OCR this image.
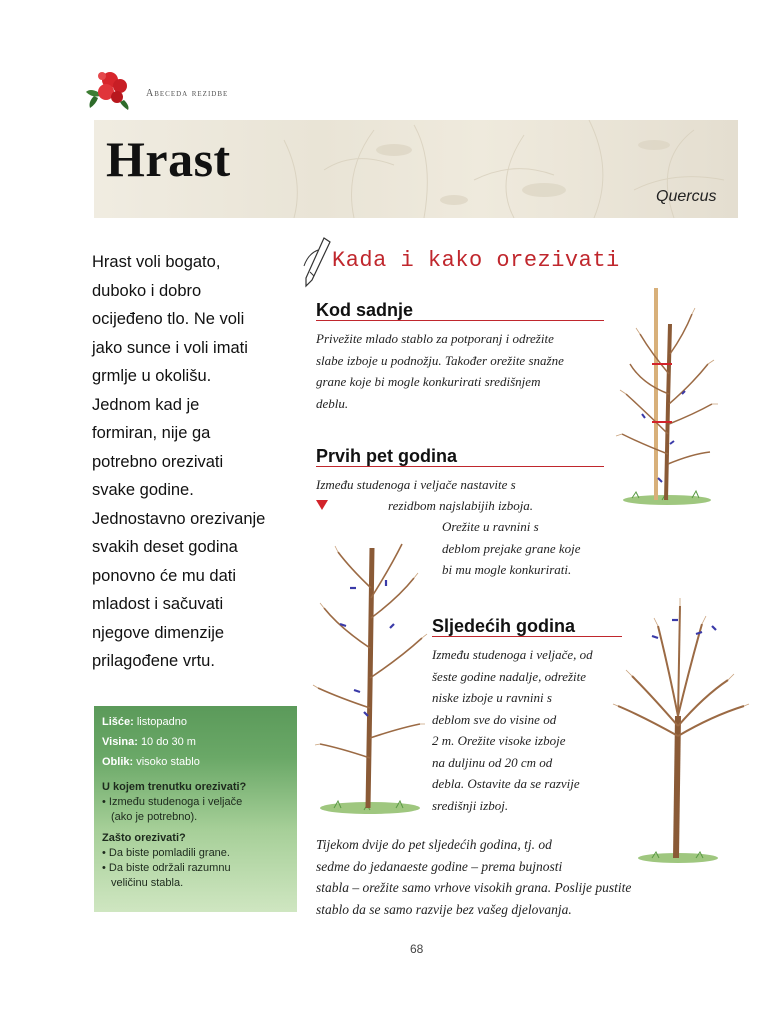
Abeceda rezidbe
Hrast
Quercus
Hrast voli bogato,
duboko i dobro
ocijeđeno tlo. Ne voli
jako sunce i voli imati
grmlje u okolišu.
Jednom kad je
formiran, nije ga
potrebno orezivati
svake godine.
Jednostavno orezivanje
svakih deset godina
ponovno će mu dati
mladost i sačuvati
njegove dimenzije
prilagođene vrtu.
Lišće: listopadno
Visina: 10 do 30 m
Oblik: visoko stablo
U kojem trenutku orezivati?
• Između studenoga i veljače
(ako je potrebno).
Zašto orezivati?
• Da biste pomladili grane.
• Da biste održali razumnu
veličinu stabla.
Kada i kako orezivati
Kod sadnje
Privežite mlado stablo za potporanj i odrežite
slabe izboje u podnožju. Također orežite snažne
grane koje bi mogle konkurirati središnjem
deblu.
Prvih pet godina
Između studenoga i veljače nastavite s
rezidbom najslabijih izboja.
Orežite u ravnini s
deblom prejake grane koje
bi mu mogle konkurirati.
Sljedećih godina
Između studenoga i veljače, od
šeste godine nadalje, odrežite
niske izboje u ravnini s
deblom sve do visine od
2 m. Orežite visoke izboje
na duljinu od 20 cm od
debla. Ostavite da se razvije
središnji izboj.
Tijekom dvije do pet sljedećih godina, tj. od
sedme do jedanaeste godine – prema bujnosti
stabla – orežite samo vrhove visokih grana. Poslije pustite
stablo da se samo razvije bez vašeg djelovanja.
68
